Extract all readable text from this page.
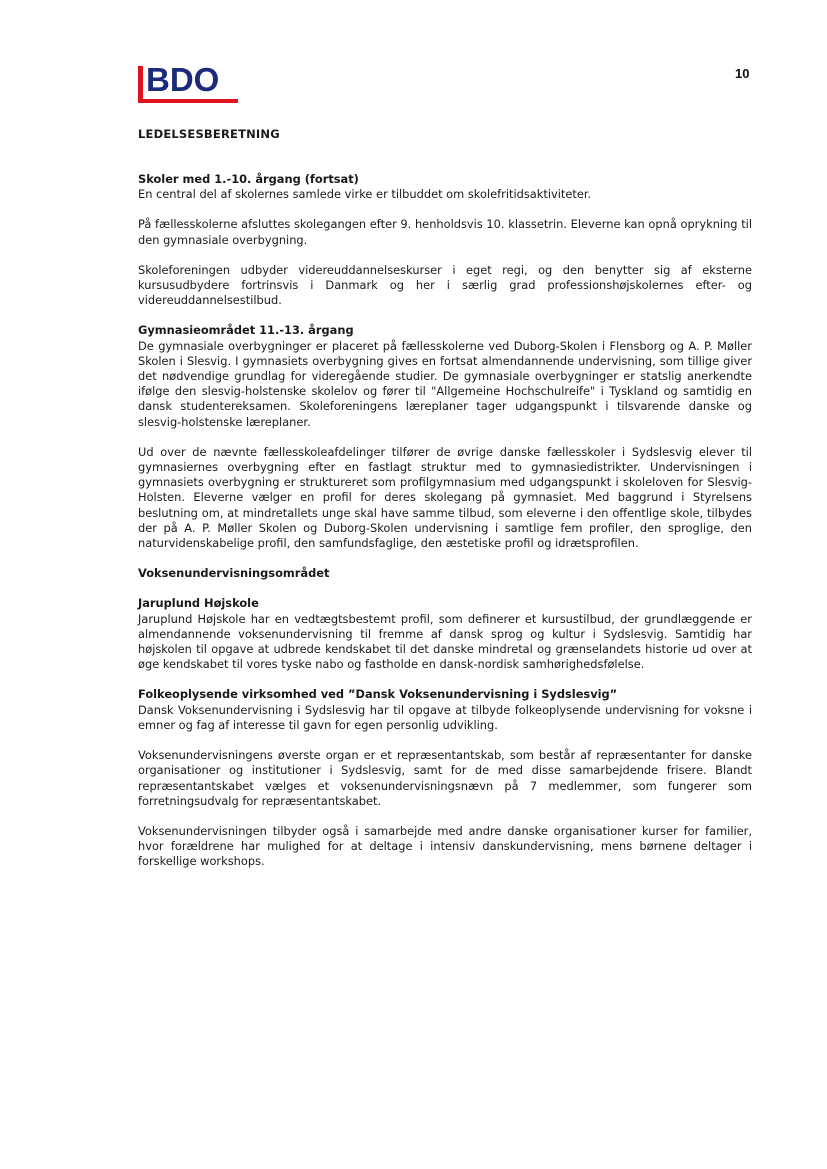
BDO	10
LEDELSESBERETNING

Skoler med 1.-10. årgang (fortsat)

En central del af skolernes samlede virke er tilbuddet om skolefritidsaktiviteter.

På fællesskolerne afsluttes skolegangen efter 9. henholdsvis 10. klassetrin. Eleverne kan opnå oprykning til den gymnasiale overbygning.

Skoleforeningen udbyder videreuddannelseskurser i eget regi, og den benytter sig af eksterne kursusudbydere fortrinsvis i Danmark og her i særlig grad professionshøjskolernes efter- og videreuddannelsestilbud.

Gymnasieområdet 11.-13. årgang

De gymnasiale overbygninger er placeret på fællesskolerne ved Duborg-Skolen i Flensborg og A. P. Møller Skolen i Slesvig. I gymnasiets overbygning gives en fortsat almendannende undervisning, som tillige giver det nødvendige grundlag for videregående studier. De gymnasiale overbygninger er statslig anerkendte ifølge den slesvig-holstenske skolelov og fører til "Allgemeine Hochschulreife" i Tyskland og samtidig en dansk studentereksamen. Skoleforeningens læreplaner tager udgangspunkt i tilsvarende danske og slesvig-holstenske læreplaner.

Ud over de nævnte fællesskoleafdelinger tilfører de øvrige danske fællesskoler i Sydslesvig elever til gymnasiernes overbygning efter en fastlagt struktur med to gymnasiedistrikter. Undervisningen i gymnasiets overbygning er struktureret som profilgymnasium med udgangspunkt i skoleloven for Slesvig-Holsten. Eleverne vælger en profil for deres skolegang på gymnasiet. Med baggrund i Styrelsens beslutning om, at mindretallets unge skal have samme tilbud, som eleverne i den offentlige skole, tilbydes der på A. P. Møller Skolen og Duborg-Skolen undervisning i samtlige fem profiler, den sproglige, den naturvidenskabelige profil, den samfundsfaglige, den æstetiske profil og idrætsprofilen.

Voksenundervisningsområdet

Jaruplund Højskole

Jaruplund Højskole har en vedtægtsbestemt profil, som definerer et kursustilbud, der grundlæggende er almendannende voksenundervisning til fremme af dansk sprog og kultur i Sydslesvig. Samtidig har højskolen til opgave at udbrede kendskabet til det danske mindretal og grænselandets historie ud over at øge kendskabet til vores tyske nabo og fastholde en dansk-nordisk samhørighedsfølelse.

Folkeoplysende virksomhed ved ”Dansk Voksenundervisning i Sydslesvig”

Dansk Voksenundervisning i Sydslesvig har til opgave at tilbyde folkeoplysende undervisning for voksne i emner og fag af interesse til gavn for egen personlig udvikling.

Voksenundervisningens øverste organ er et repræsentantskab, som består af repræsentanter for danske organisationer og institutioner i Sydslesvig, samt for de med disse samarbejdende frisere. Blandt repræsentantskabet vælges et voksenundervisningsnævn på 7 medlemmer, som fungerer som forretningsudvalg for repræsentantskabet.

Voksenundervisningen tilbyder også i samarbejde med andre danske organisationer kurser for familier, hvor forældrene har mulighed for at deltage i intensiv danskundervisning, mens børnene deltager i forskellige workshops.
